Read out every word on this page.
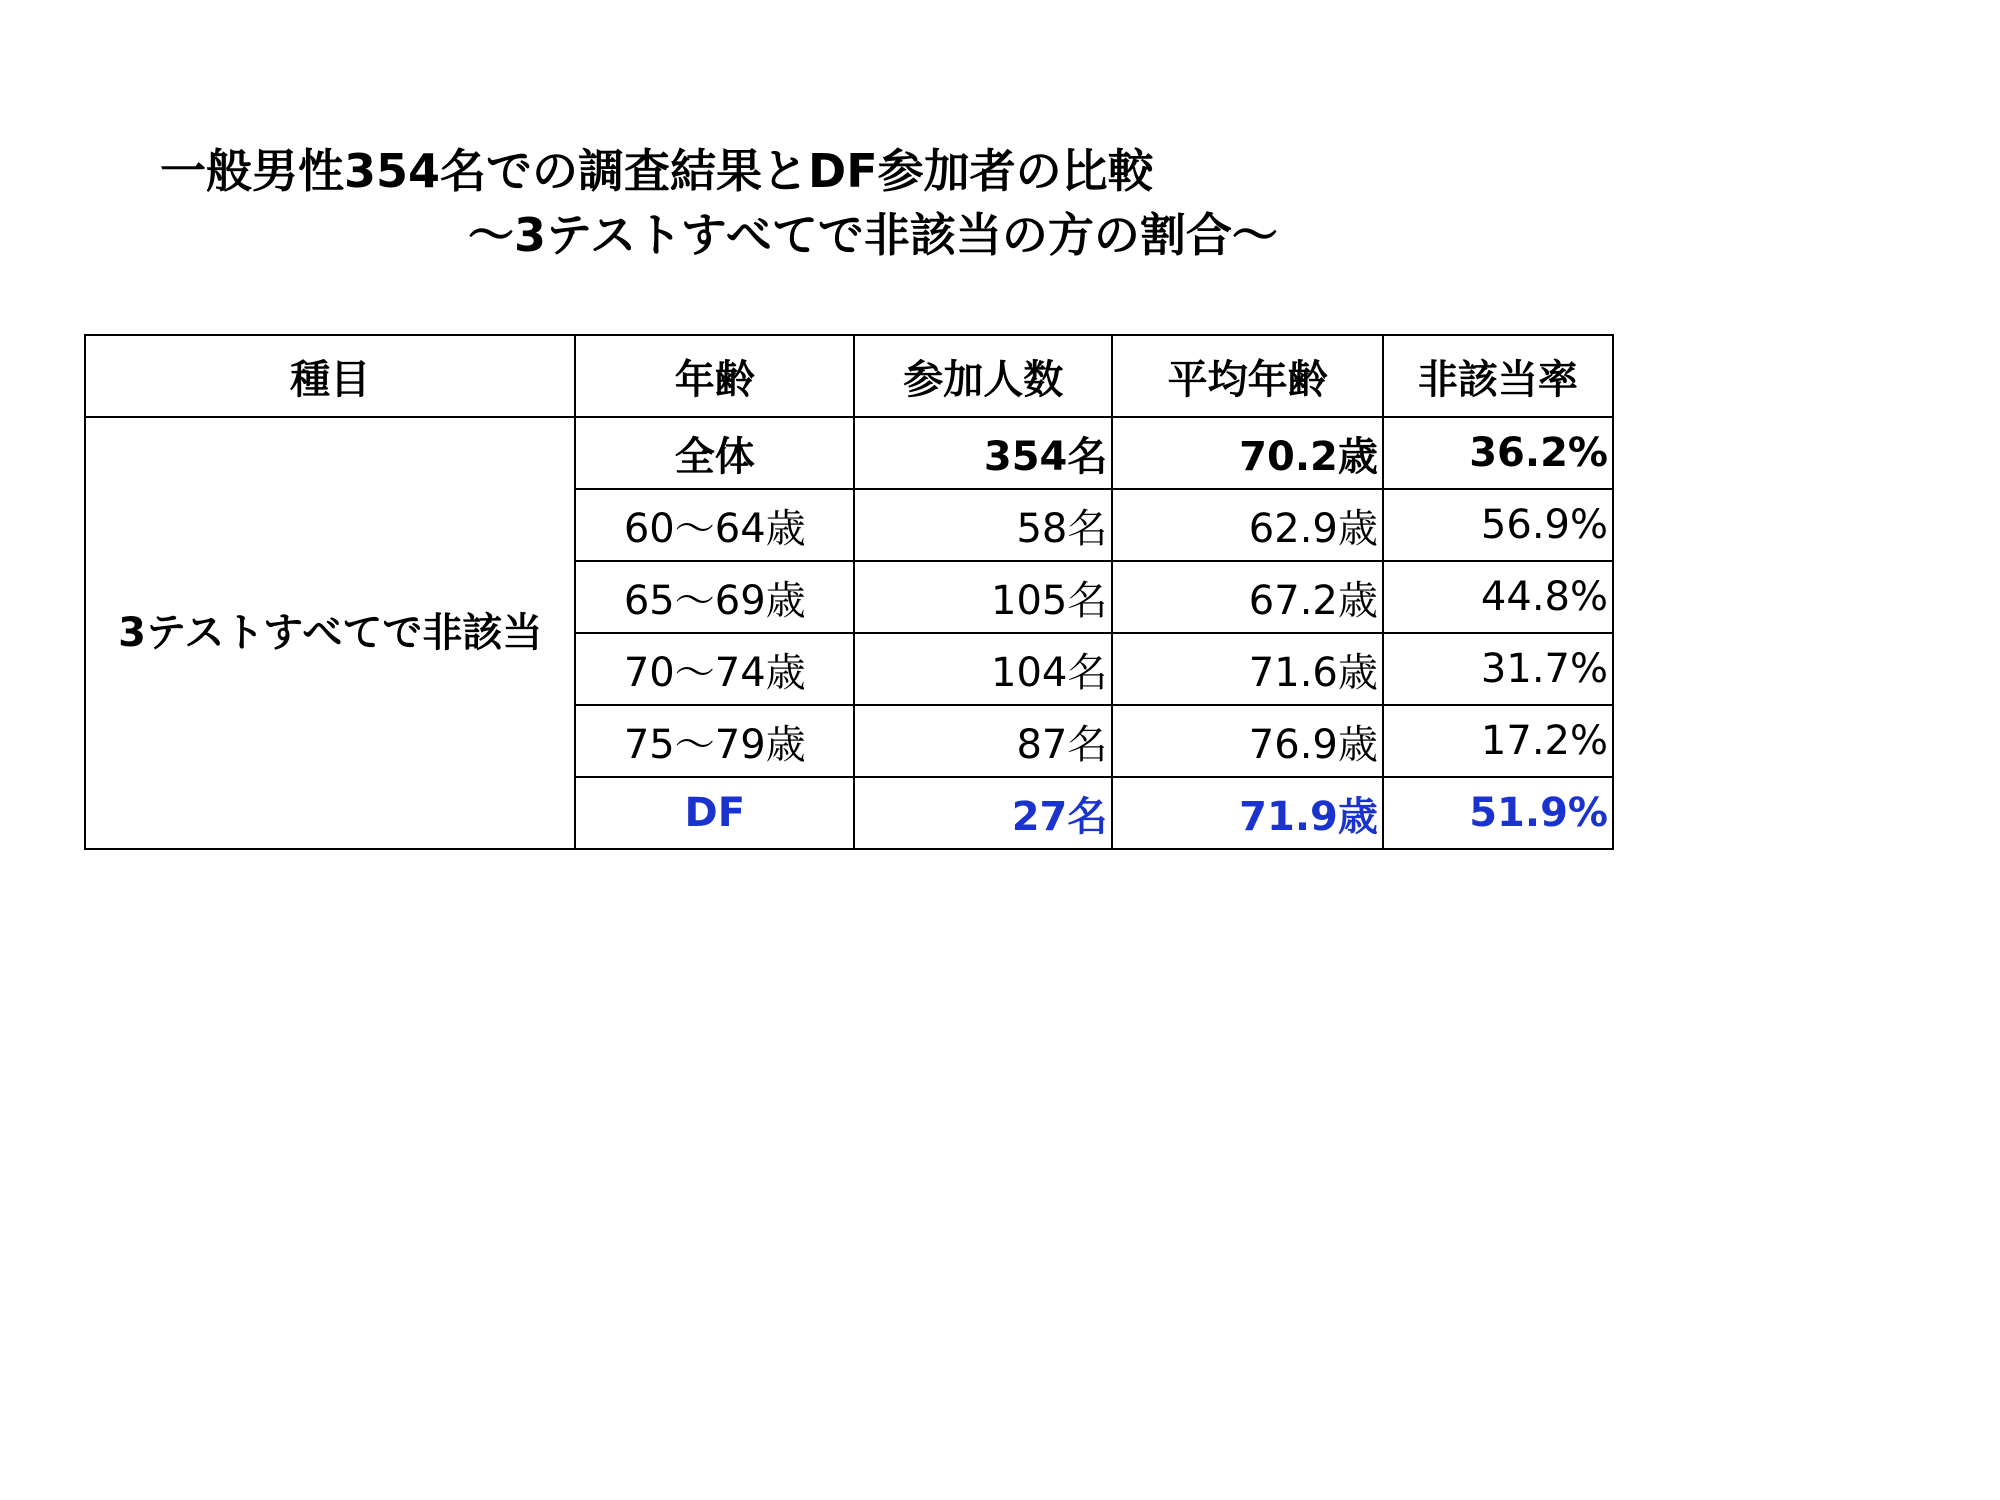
一般男性354名での調査結果とDF参加者の比較
～3テストすべてで非該当の方の割合～
種目	年齢	参加人数	平均年齢	非該当率
3テストすべてで非該当	全体	354名	70.2歳	36.2%
	60～64歳	58名	62.9歳	56.9%
	65～69歳	105名	67.2歳	44.8%
	70～74歳	104名	71.6歳	31.7%
	75～79歳	87名	76.9歳	17.2%
	DF	27名	71.9歳	51.9%
